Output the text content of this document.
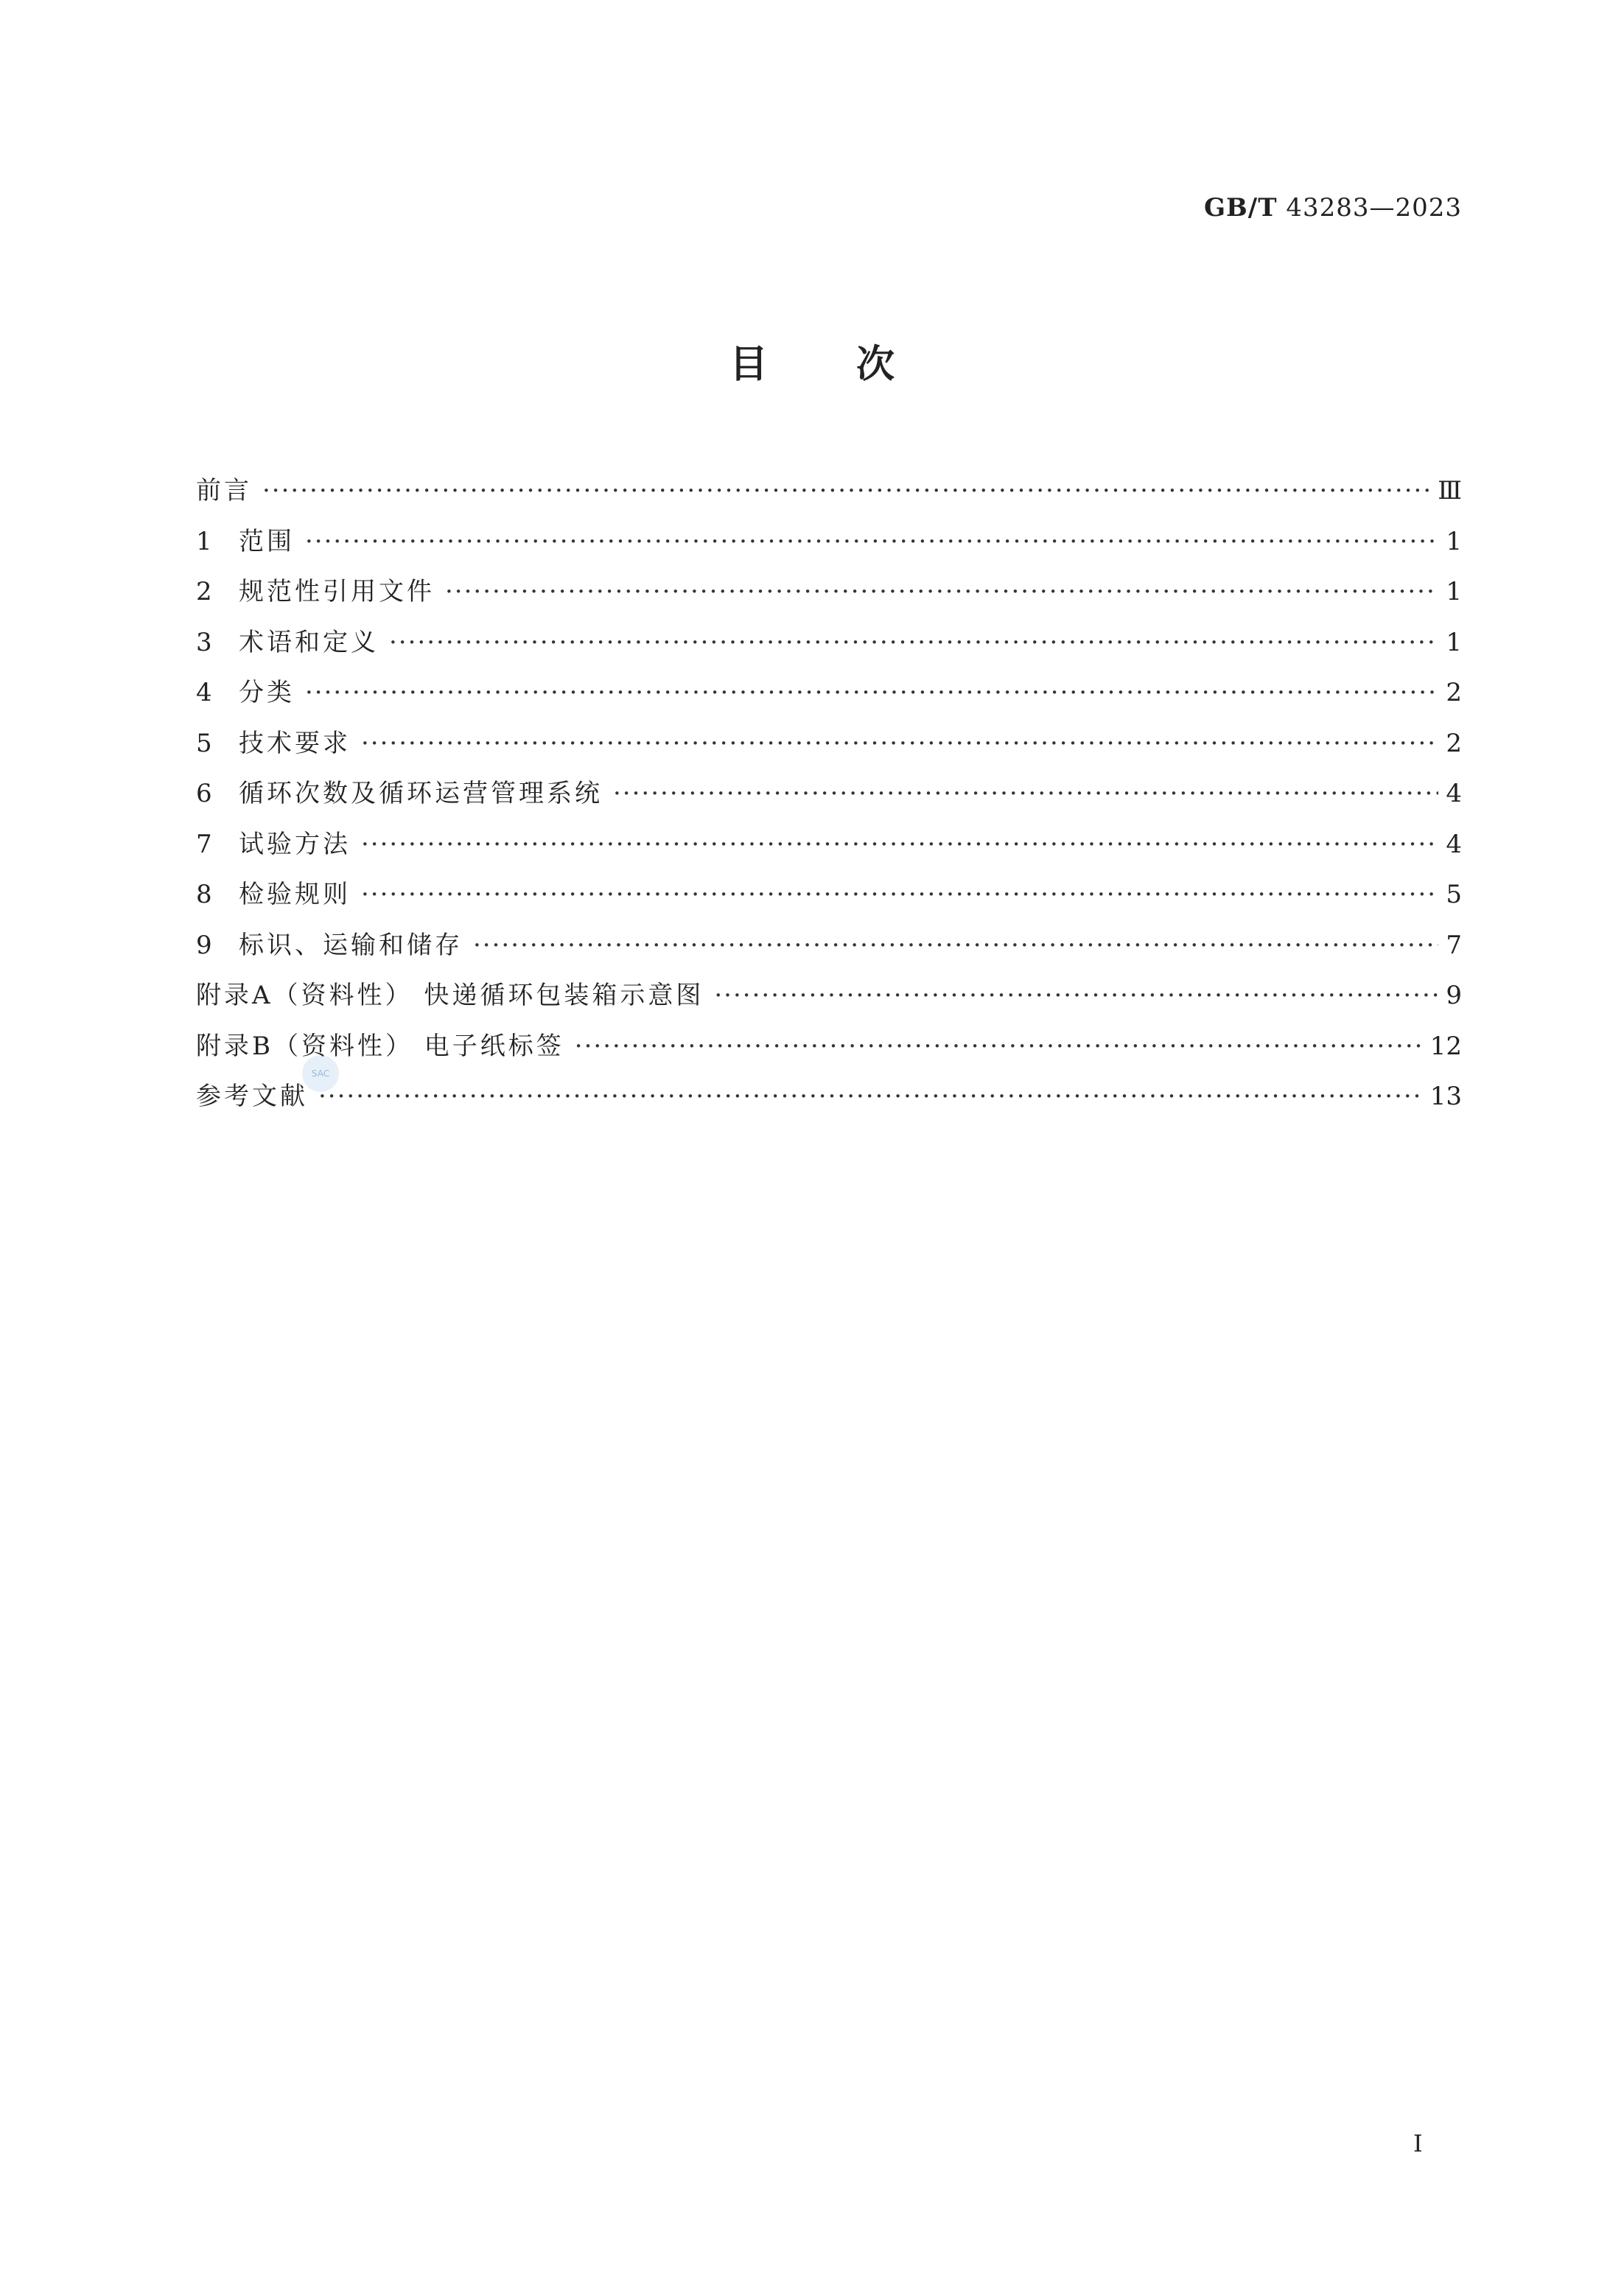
GB/T 43283—2023
目次
前言 ·····	Ⅲ
1	范围 ·····	1
2	规范性引用文件 ·····	1
3	术语和定义 ·····	1
4	分类 ·····	2
5	技术要求 ·····	2
6	循环次数及循环运营管理系统 ·····	4
7	试验方法 ·····	4
8	检验规则 ·····	5
9	标识、运输和储存 ·····	7
附录A（资料性） 快递循环包装箱示意图 ·····	9
附录B（资料性） 电子纸标签 ·····	12
参考文献 ·····	13
SAC
I
